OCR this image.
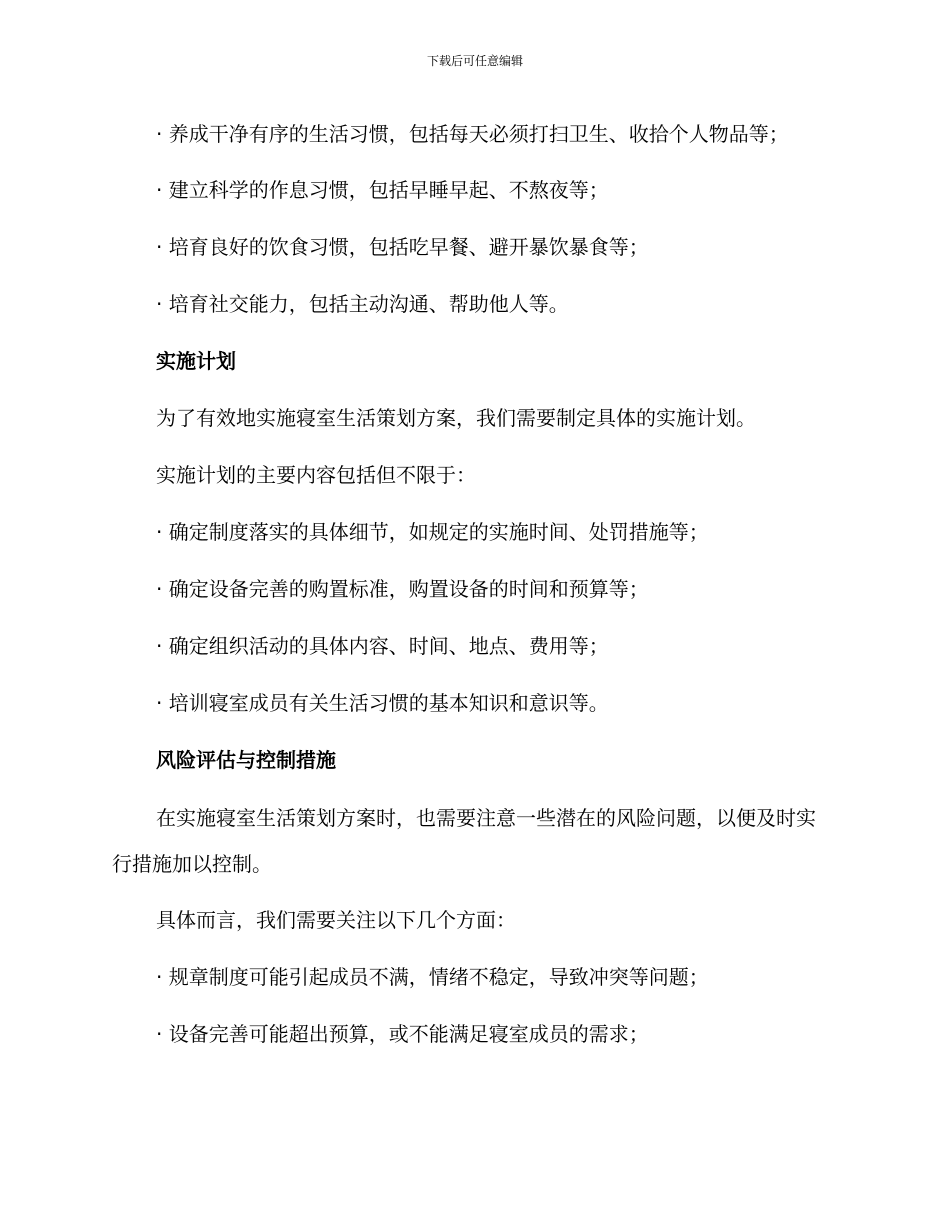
下载后可任意编辑
· 养成干净有序的生活习惯，包括每天必须打扫卫生、收拾个人物品等；
· 建立科学的作息习惯，包括早睡早起、不熬夜等；
· 培育良好的饮食习惯，包括吃早餐、避开暴饮暴食等；
· 培育社交能力，包括主动沟通、帮助他人等。
实施计划
为了有效地实施寝室生活策划方案，我们需要制定具体的实施计划。
实施计划的主要内容包括但不限于：
· 确定制度落实的具体细节，如规定的实施时间、处罚措施等；
· 确定设备完善的购置标准，购置设备的时间和预算等；
· 确定组织活动的具体内容、时间、地点、费用等；
· 培训寝室成员有关生活习惯的基本知识和意识等。
风险评估与控制措施
在实施寝室生活策划方案时，也需要注意一些潜在的风险问题，以便及时实行措施加以控制。
具体而言，我们需要关注以下几个方面：
· 规章制度可能引起成员不满，情绪不稳定，导致冲突等问题；
· 设备完善可能超出预算，或不能满足寝室成员的需求；
